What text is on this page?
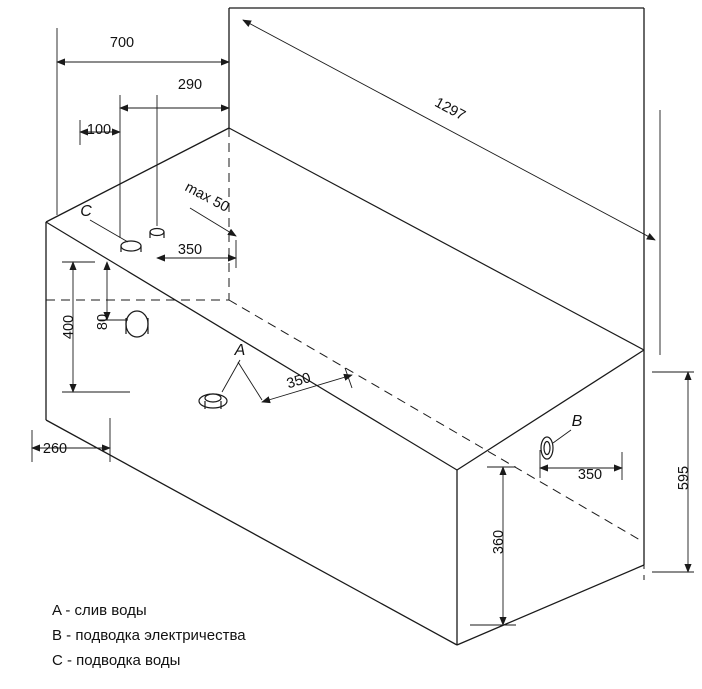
700
290
100
1297
max 50
350
400 80
350
260
350
360
595
A
B
C
A - слив воды
B - подводка электричества
C - подводка воды
